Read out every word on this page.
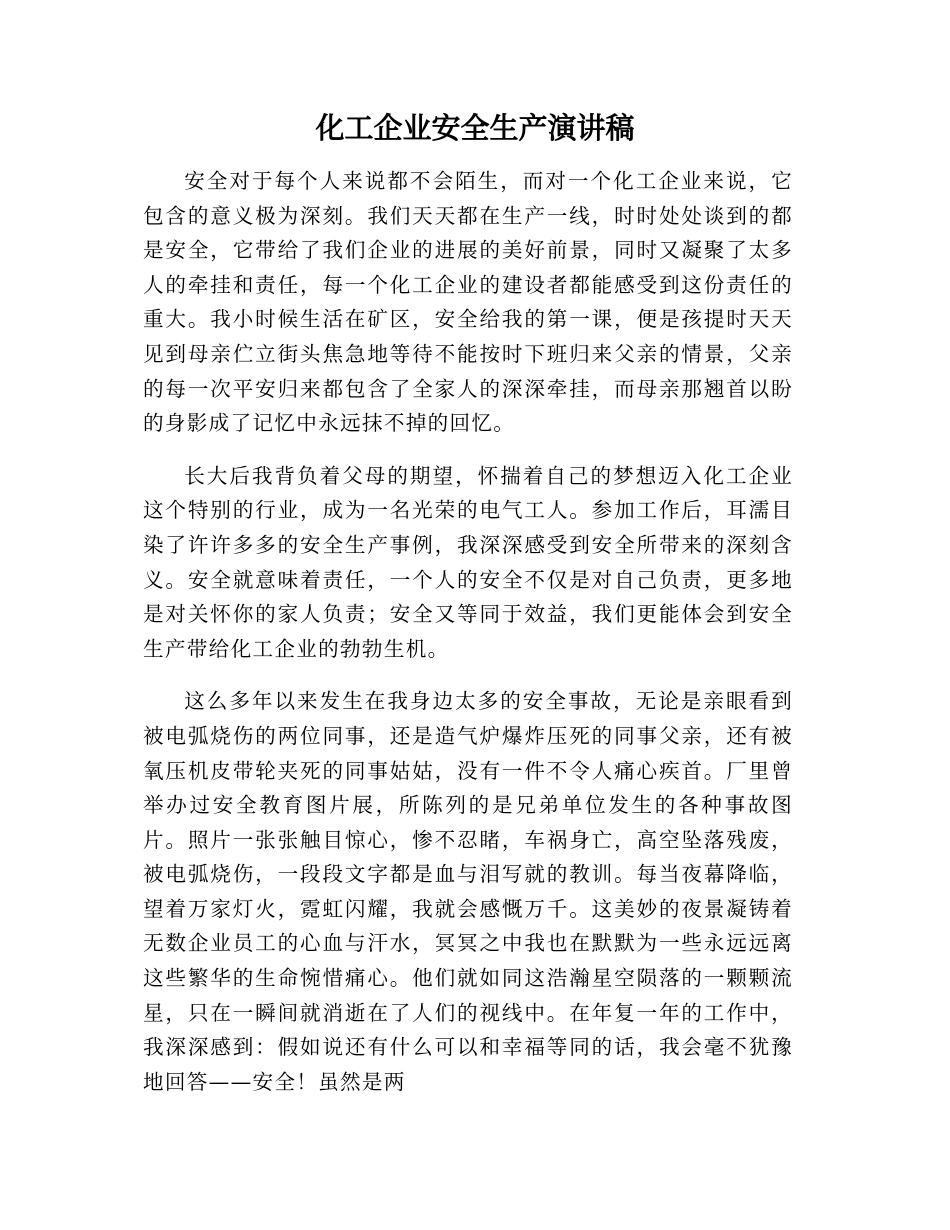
化工企业安全生产演讲稿

安全对于每个人来说都不会陌生，而对一个化工企业来说，它包含的意义极为深刻。我们天天都在生产一线，时时处处谈到的都是安全，它带给了我们企业的进展的美好前景，同时又凝聚了太多人的牵挂和责任，每一个化工企业的建设者都能感受到这份责任的重大。我小时候生活在矿区，安全给我的第一课，便是孩提时天天见到母亲伫立街头焦急地等待不能按时下班归来父亲的情景，父亲的每一次平安归来都包含了全家人的深深牵挂，而母亲那翘首以盼的身影成了记忆中永远抹不掉的回忆。

长大后我背负着父母的期望，怀揣着自己的梦想迈入化工企业这个特别的行业，成为一名光荣的电气工人。参加工作后，耳濡目染了许许多多的安全生产事例，我深深感受到安全所带来的深刻含义。安全就意味着责任，一个人的安全不仅是对自己负责，更多地是对关怀你的家人负责；安全又等同于效益，我们更能体会到安全生产带给化工企业的勃勃生机。

这么多年以来发生在我身边太多的安全事故，无论是亲眼看到被电弧烧伤的两位同事，还是造气炉爆炸压死的同事父亲，还有被氧压机皮带轮夹死的同事姑姑，没有一件不令人痛心疾首。厂里曾举办过安全教育图片展，所陈列的是兄弟单位发生的各种事故图片。照片一张张触目惊心，惨不忍睹，车祸身亡，高空坠落残废，被电弧烧伤，一段段文字都是血与泪写就的教训。每当夜幕降临，望着万家灯火，霓虹闪耀，我就会感慨万千。这美妙的夜景凝铸着无数企业员工的心血与汗水，冥冥之中我也在默默为一些永远远离这些繁华的生命惋惜痛心。他们就如同这浩瀚星空陨落的一颗颗流星，只在一瞬间就消逝在了人们的视线中。在年复一年的工作中，我深深感到：假如说还有什么可以和幸福等同的话，我会毫不犹豫地回答——安全！虽然是两
